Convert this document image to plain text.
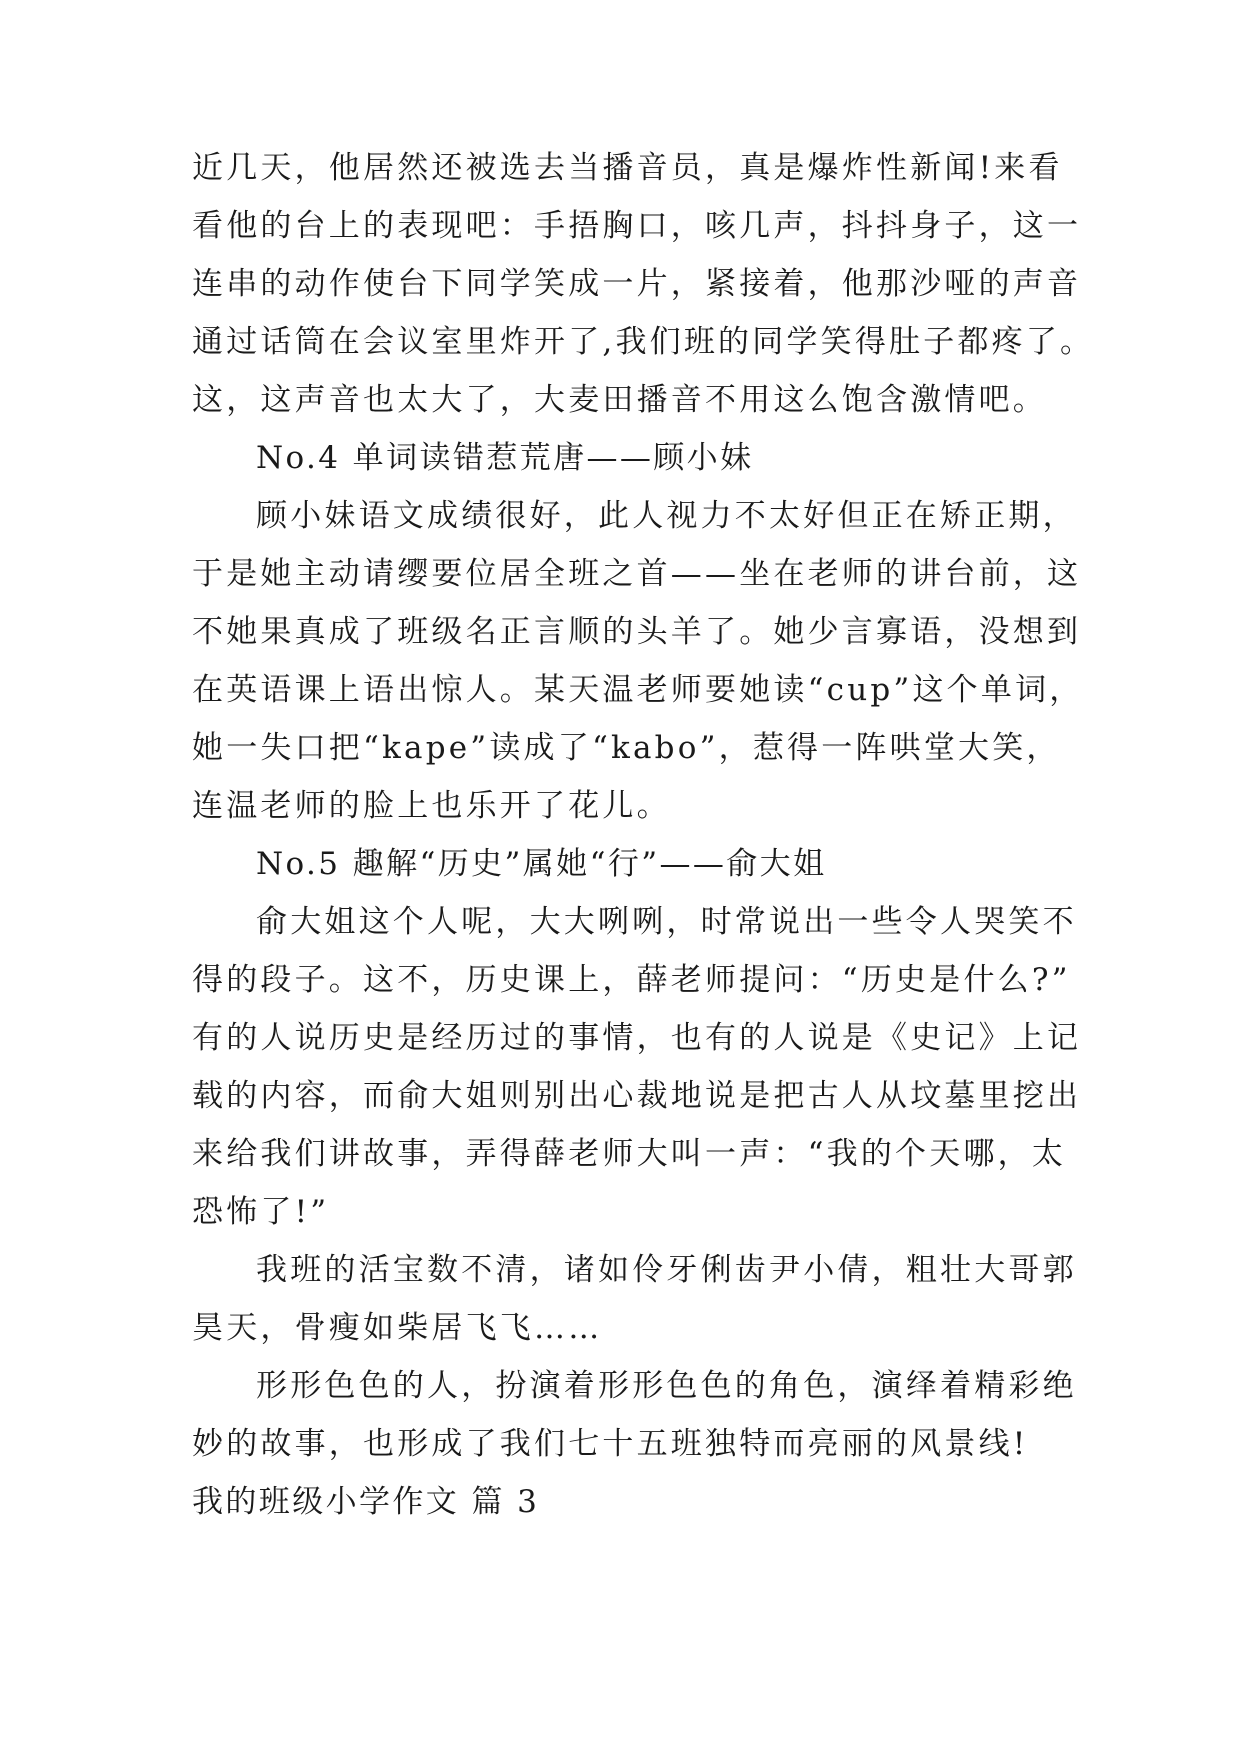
近几天，他居然还被选去当播音员，真是爆炸性新闻!来看
看他的台上的表现吧：手捂胸口，咳几声，抖抖身子，这一
连串的动作使台下同学笑成一片，紧接着，他那沙哑的声音
通过话筒在会议室里炸开了,我们班的同学笑得肚子都疼了。
这，这声音也太大了，大麦田播音不用这么饱含激情吧。
No.4 单词读错惹荒唐——顾小妹
顾小妹语文成绩很好，此人视力不太好但正在矫正期，
于是她主动请缨要位居全班之首——坐在老师的讲台前，这
不她果真成了班级名正言顺的头羊了。她少言寡语，没想到
在英语课上语出惊人。某天温老师要她读“cup”这个单词，
她一失口把“kape”读成了“kabo”，惹得一阵哄堂大笑，
连温老师的脸上也乐开了花儿。
No.5 趣解“历史”属她“行”——俞大姐
俞大姐这个人呢，大大咧咧，时常说出一些令人哭笑不
得的段子。这不，历史课上，薛老师提问：“历史是什么?”
有的人说历史是经历过的事情，也有的人说是《史记》上记
载的内容，而俞大姐则别出心裁地说是把古人从坟墓里挖出
来给我们讲故事，弄得薛老师大叫一声：“我的个天哪，太
恐怖了!”
我班的活宝数不清，诸如伶牙俐齿尹小倩，粗壮大哥郭
昊天，骨瘦如柴居飞飞……
形形色色的人，扮演着形形色色的角色，演绎着精彩绝
妙的故事，也形成了我们七十五班独特而亮丽的风景线!
我的班级小学作文 篇 3
